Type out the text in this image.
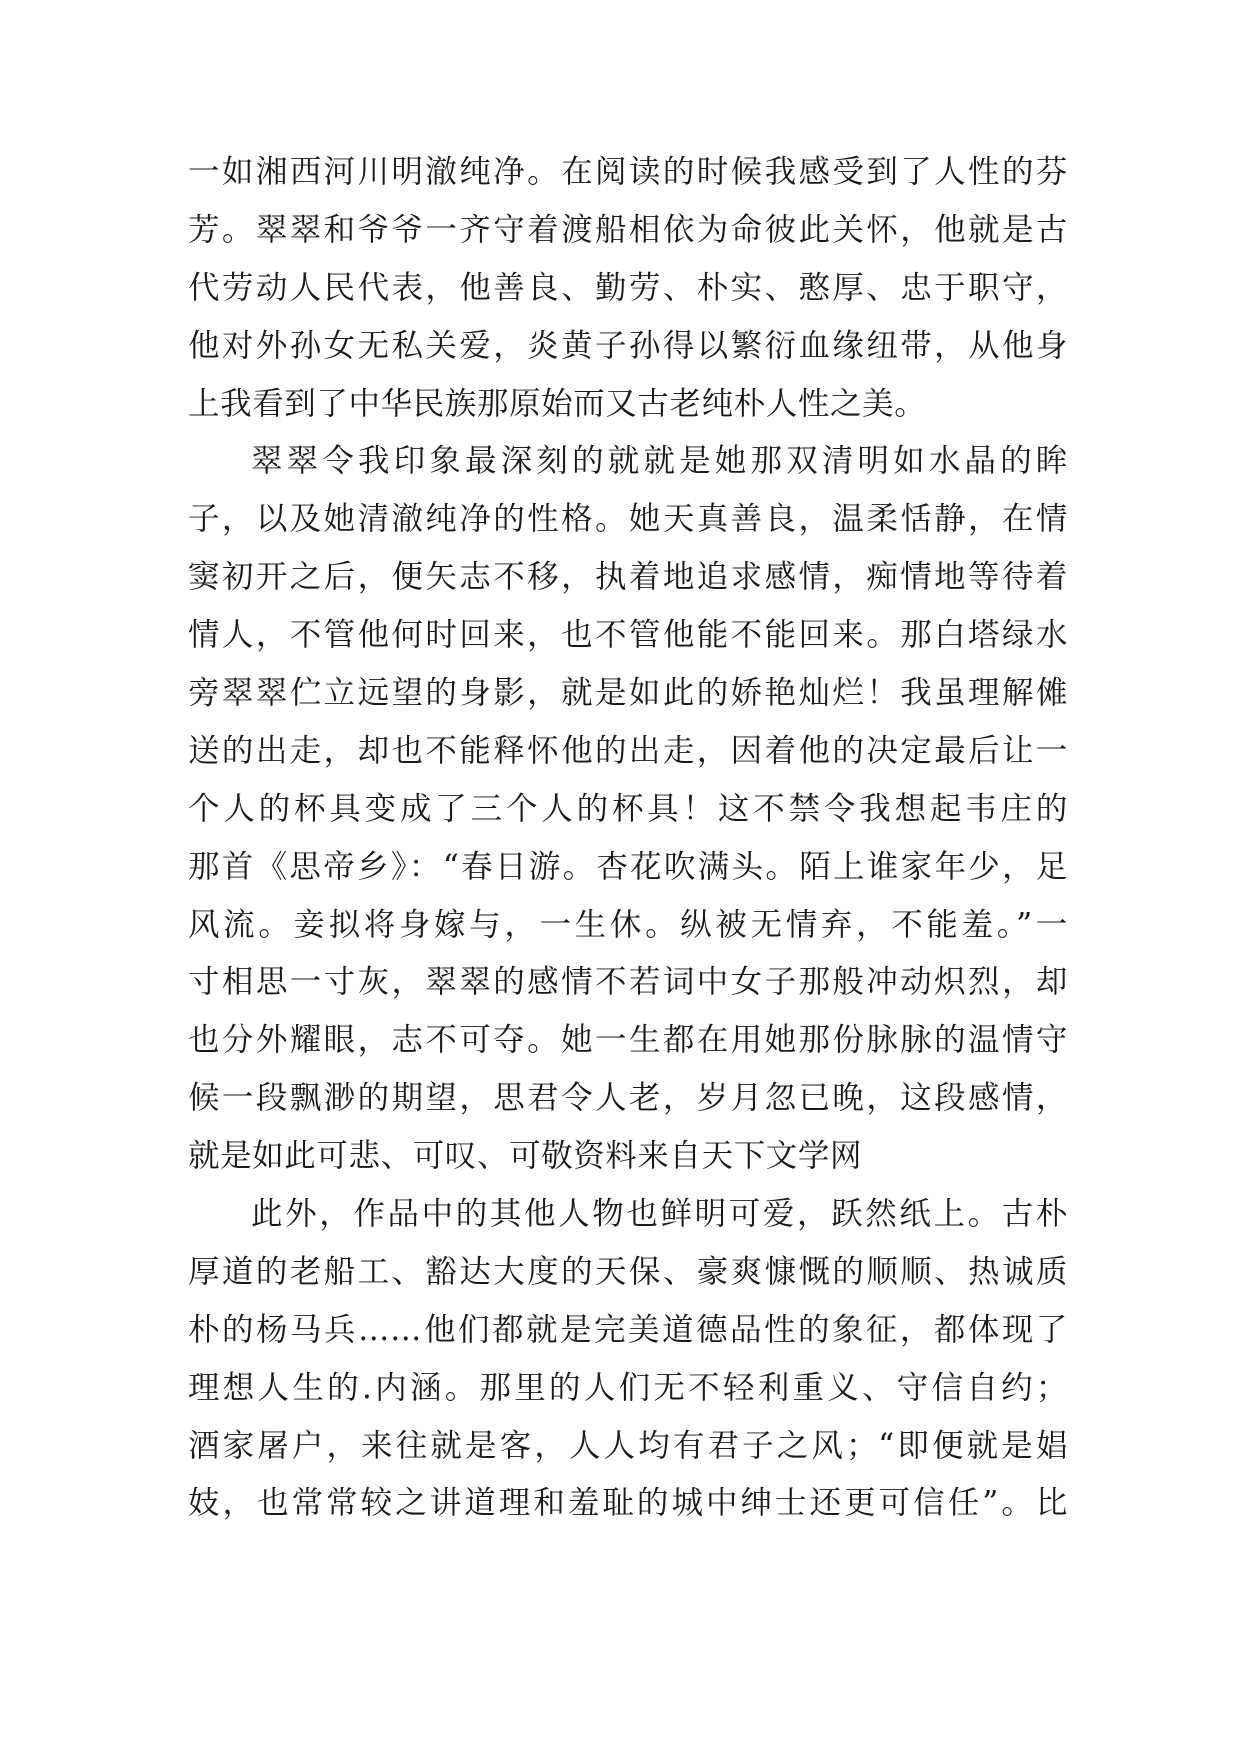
一如湘西河川明澈纯净。在阅读的时候我感受到了人性的芬
芳。翠翠和爷爷一齐守着渡船相依为命彼此关怀，他就是古
代劳动人民代表，他善良、勤劳、朴实、憨厚、忠于职守，
他对外孙女无私关爱，炎黄子孙得以繁衍血缘纽带，从他身
上我看到了中华民族那原始而又古老纯朴人性之美。
翠翠令我印象最深刻的就就是她那双清明如水晶的眸
子，以及她清澈纯净的性格。她天真善良，温柔恬静，在情
窦初开之后，便矢志不移，执着地追求感情，痴情地等待着
情人，不管他何时回来，也不管他能不能回来。那白塔绿水
旁翠翠伫立远望的身影，就是如此的娇艳灿烂！我虽理解傩
送的出走，却也不能释怀他的出走，因着他的决定最后让一
个人的杯具变成了三个人的杯具！这不禁令我想起韦庄的
那首《思帝乡》：“春日游。杏花吹满头。陌上谁家年少，足
风流。妾拟将身嫁与，一生休。纵被无情弃，不能羞。”一
寸相思一寸灰，翠翠的感情不若词中女子那般冲动炽烈，却
也分外耀眼，志不可夺。她一生都在用她那份脉脉的温情守
候一段飘渺的期望，思君令人老，岁月忽已晚，这段感情，
就是如此可悲、可叹、可敬资料来自天下文学网
此外，作品中的其他人物也鲜明可爱，跃然纸上。古朴
厚道的老船工、豁达大度的天保、豪爽慷慨的顺顺、热诚质
朴的杨马兵……他们都就是完美道德品性的象征，都体现了
理想人生的.内涵。那里的人们无不轻利重义、守信自约；
酒家屠户，来往就是客，人人均有君子之风；“即便就是娼
妓，也常常较之讲道理和羞耻的城中绅士还更可信任”。比
